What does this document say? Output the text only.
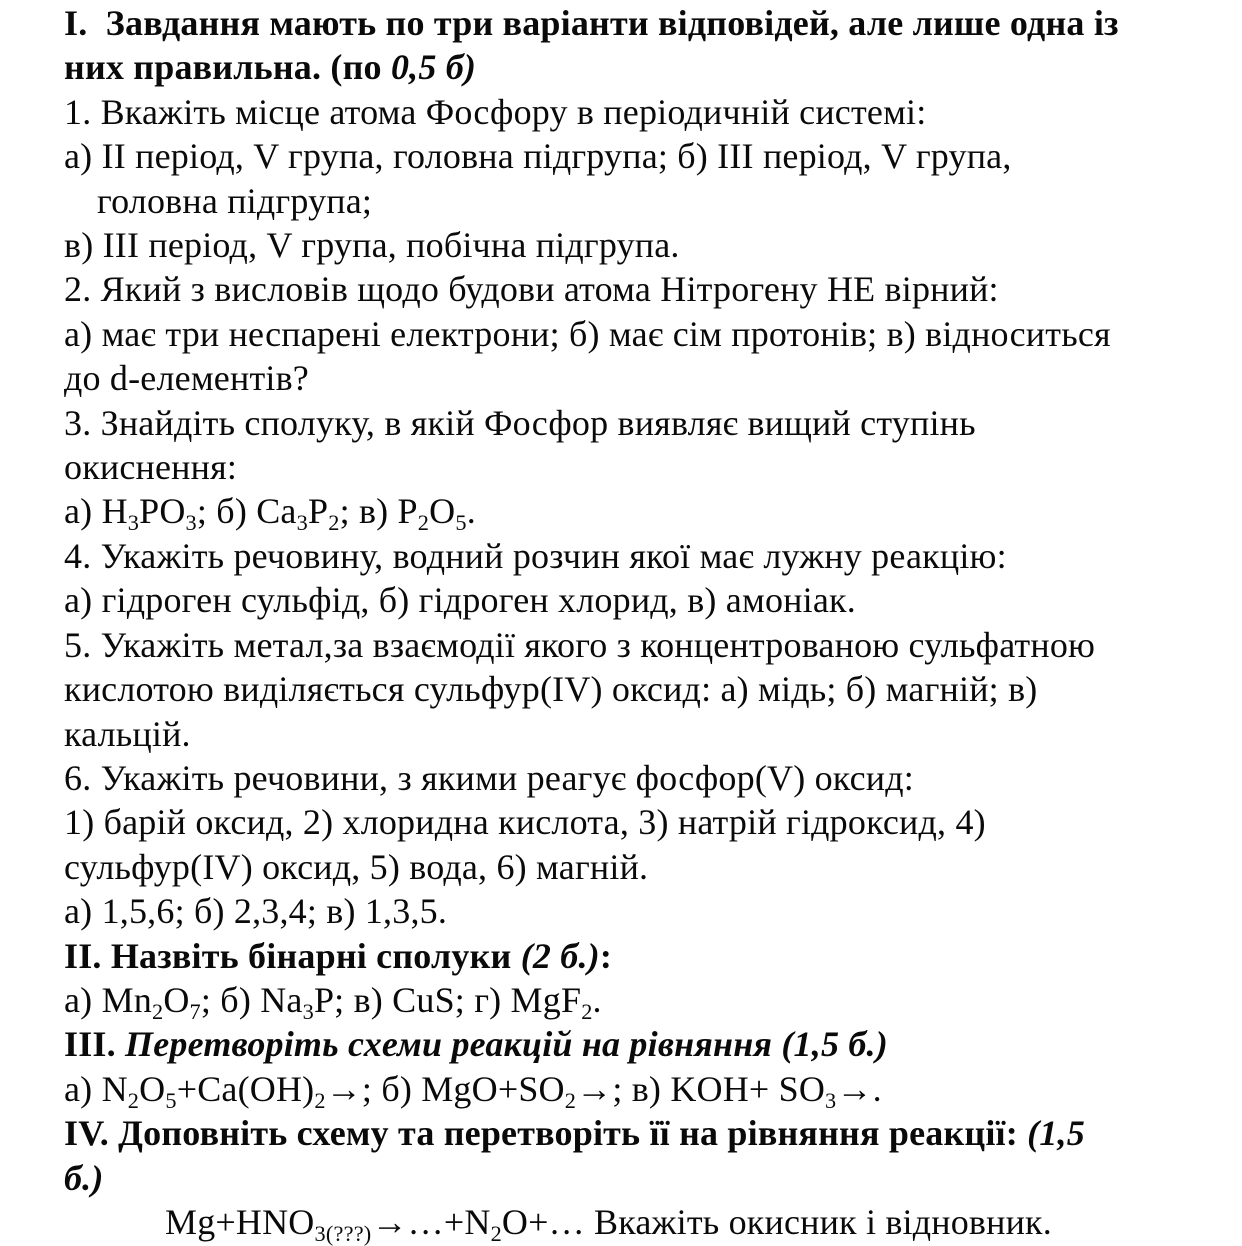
I.  Завдання мають по три варіанти відповідей, але лише одна із
них правильна. (по 0,5 б)
1. Вкажіть місце атома Фосфору в періодичній системі:
а) II період, V група, головна підгрупа; б) III період, V група,
головна підгрупа;
в) III період, V група, побічна підгрупа.
2. Який з висловів щодо будови атома Нітрогену НЕ вірний:
а) має три неспарені електрони; б) має сім протонів; в) відноситься
до d-елементів?
3. Знайдіть сполуку, в якій Фосфор виявляє вищий ступінь
окиснення:
а) $H_3PO_3$; б) $Ca_3P_2$; в) $P_2O_5$.
4. Укажіть речовину, водний розчин якої має лужну реакцію:
а) гідроген сульфід, б) гідроген хлорид, в) амоніак.
5. Укажіть метал,за взаємодії якого з концентрованою сульфатною
кислотою виділяється сульфур(IV) оксид: а) мідь; б) магній; в)
кальцій.
6. Укажіть речовини, з якими реагує фосфор(V) оксид:
1) барій оксид, 2) хлоридна кислота, 3) натрій гідроксид, 4)
сульфур(IV) оксид, 5) вода, 6) магній.
а) 1,5,6; б) 2,3,4; в) 1,3,5.
II. Назвіть бінарні сполуки (2 б.):
а) $Mn_2O_7$; б) $Na_3P$; в) CuS; г) MgF$_2$.
III. Перетворіть схеми реакцій на рівняння (1,5 б.)
а) $N_2O_5+Ca(OH)_2\to$; б) $MgO+SO_2\to$; в) $KOH+ SO_3\to$.
IV. Доповніть схему та перетворіть її на рівняння реакції: (1,5
б.)
$Mg+HNO_{3(???)}\to\dots+N_2O+\dots$ Вкажіть окисник і відновник.
